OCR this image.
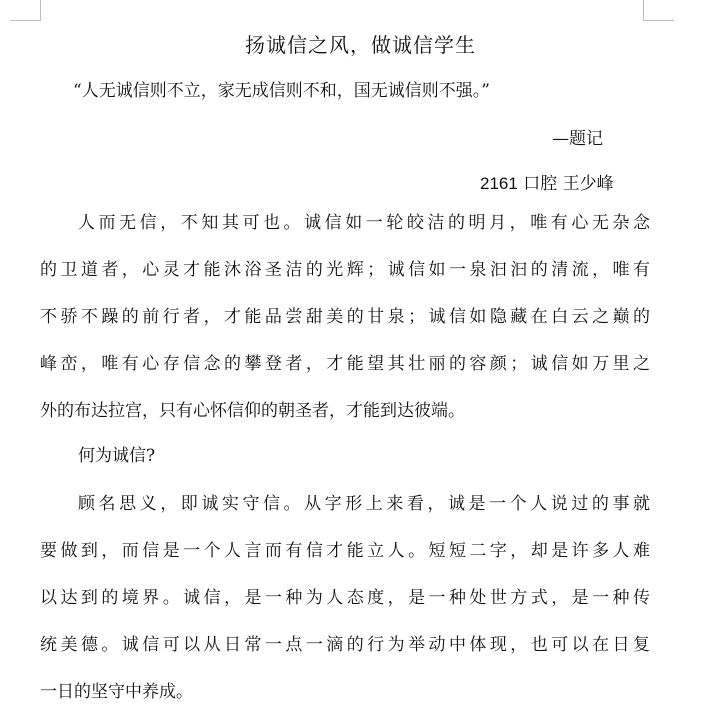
扬诚信之风，做诚信学生
“人无诚信则不立，家无成信则不和，国无诚信则不强。”
—题记
2161 口腔 王少峰

人而无信，不知其可也。诚信如一轮皎洁的明月，唯有心无杂念
的卫道者，心灵才能沐浴圣洁的光辉；诚信如一泉汩汩的清流，唯有
不骄不躁的前行者，才能品尝甜美的甘泉；诚信如隐藏在白云之巅的
峰峦，唯有心存信念的攀登者，才能望其壮丽的容颜；诚信如万里之
外的布达拉宫，只有心怀信仰的朝圣者，才能到达彼端。

何为诚信?

顾名思义，即诚实守信。从字形上来看，诚是一个人说过的事就
要做到，而信是一个人言而有信才能立人。短短二字，却是许多人难
以达到的境界。诚信，是一种为人态度，是一种处世方式，是一种传
统美德。诚信可以从日常一点一滴的行为举动中体现，也可以在日复
一日的坚守中养成。
